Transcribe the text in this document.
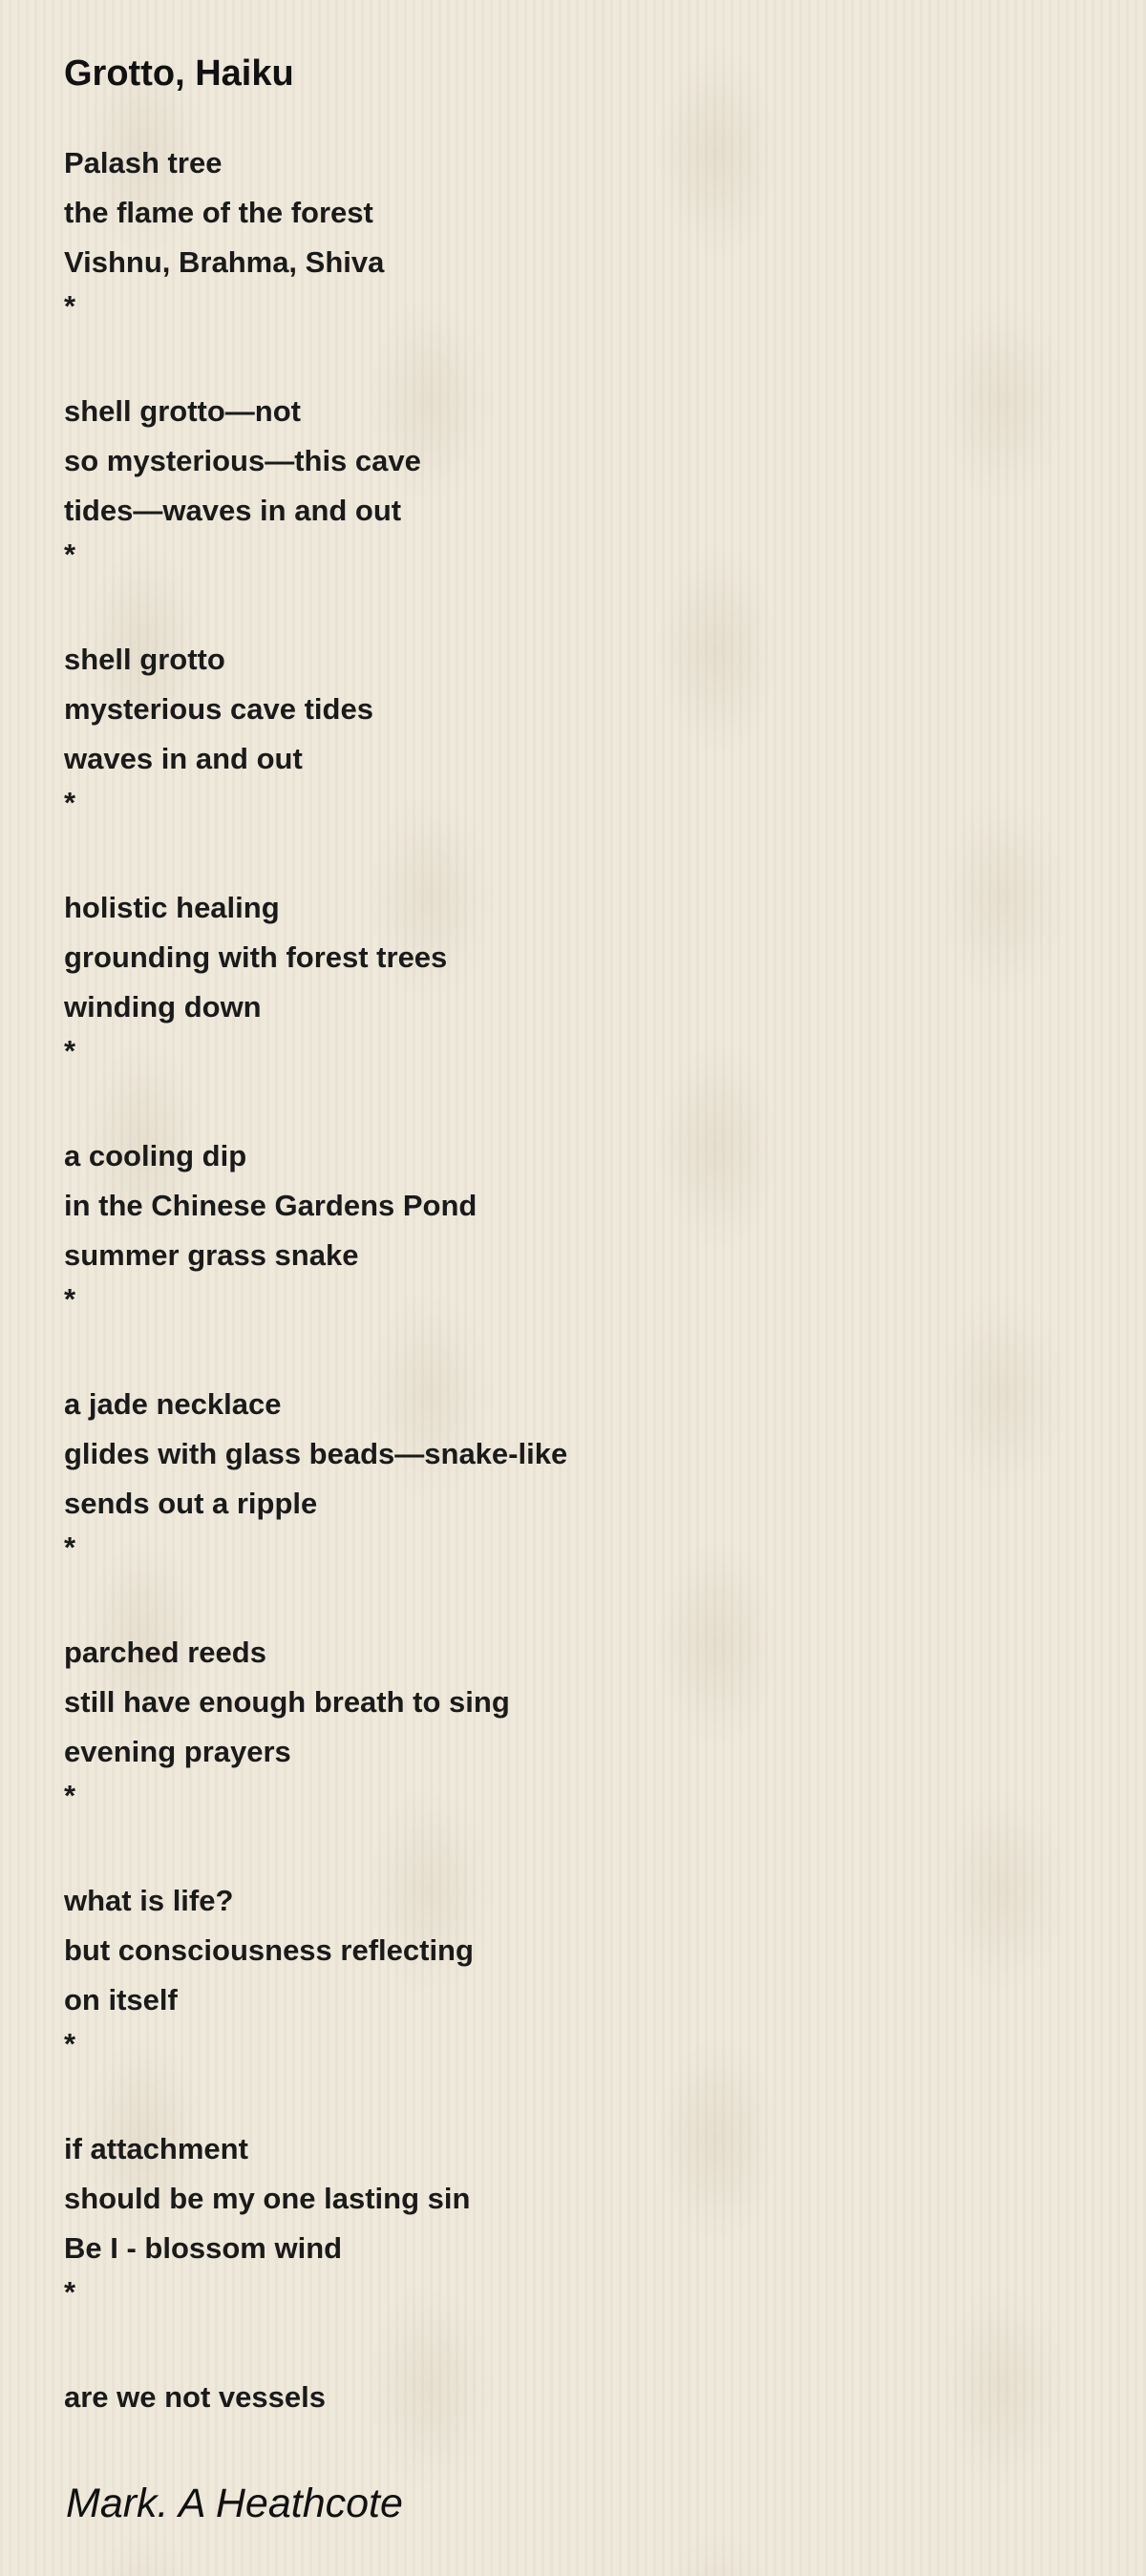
Grotto, Haiku
Palash tree
the flame of the forest
Vishnu, Brahma, Shiva
*
shell grotto—not
so mysterious—this cave
tides—waves in and out
*
shell grotto
mysterious cave tides
waves in and out
*
holistic healing
grounding with forest trees
winding down
*
a cooling dip
in the Chinese Gardens Pond
summer grass snake
*
a jade necklace
glides with glass beads—snake-like
sends out a ripple
*
parched reeds
still have enough breath to sing
evening prayers
*
what is life?
but consciousness reflecting
on itself
*
if attachment
should be my one lasting sin
Be I - blossom wind
*
are we not vessels
Mark. A Heathcote
